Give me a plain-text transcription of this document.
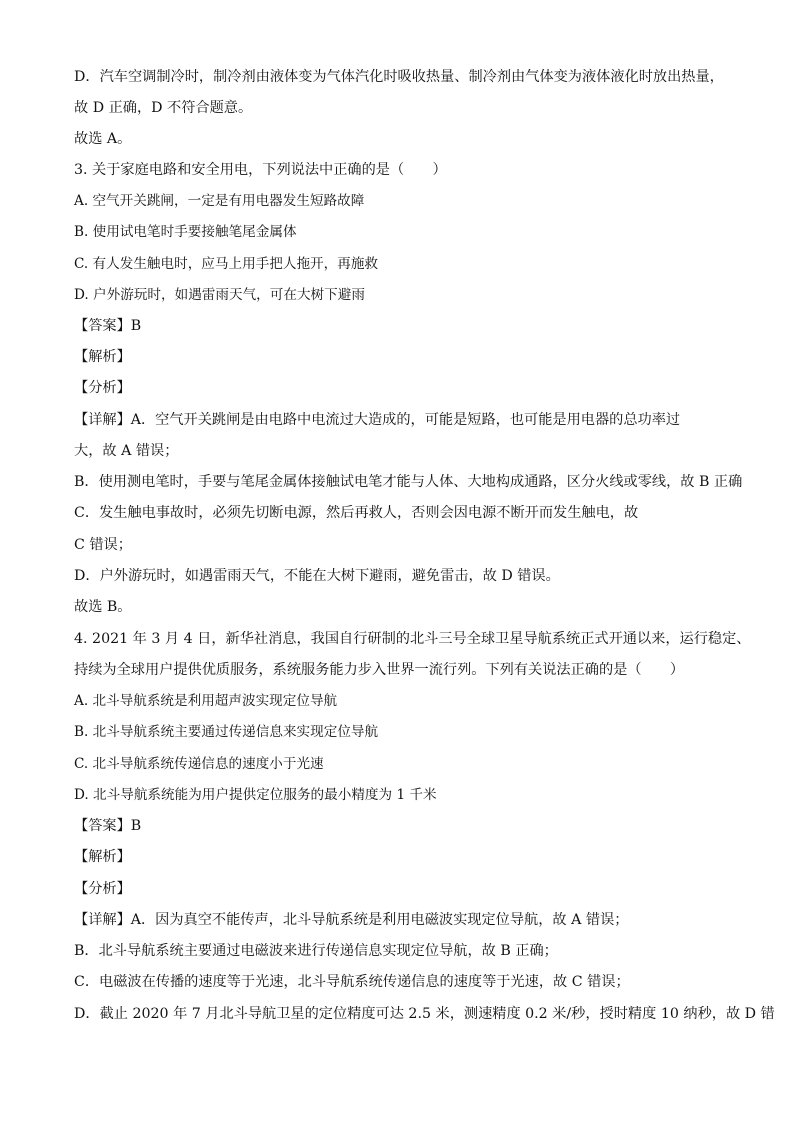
D．汽车空调制冷时，制冷剂由液体变为气体汽化时吸收热量、制冷剂由气体变为液体液化时放出热量，
故 D 正确，D 不符合题意。
故选 A。
3. 关于家庭电路和安全用电，下列说法中正确的是（　　）
A. 空气开关跳闸，一定是有用电器发生短路故障
B. 使用试电笔时手要接触笔尾金属体
C. 有人发生触电时，应马上用手把人拖开，再施救
D. 户外游玩时，如遇雷雨天气，可在大树下避雨
【答案】B
【解析】
【分析】
【详解】A．空气开关跳闸是由电路中电流过大造成的，可能是短路，也可能是用电器的总功率过
大，故 A 错误；
B．使用测电笔时，手要与笔尾金属体接触试电笔才能与人体、大地构成通路，区分火线或零线，故 B 正确
C．发生触电事故时，必须先切断电源，然后再救人，否则会因电源不断开而发生触电，故
C 错误；
D．户外游玩时，如遇雷雨天气，不能在大树下避雨，避免雷击，故 D 错误。
故选 B。
4. 2021 年 3 月 4 日，新华社消息，我国自行研制的北斗三号全球卫星导航系统正式开通以来，运行稳定、
持续为全球用户提供优质服务，系统服务能力步入世界一流行列。下列有关说法正确的是（　　）
A. 北斗导航系统是利用超声波实现定位导航
B. 北斗导航系统主要通过传递信息来实现定位导航
C. 北斗导航系统传递信息的速度小于光速
D. 北斗导航系统能为用户提供定位服务的最小精度为 1 千米
【答案】B
【解析】
【分析】
【详解】A．因为真空不能传声，北斗导航系统是利用电磁波实现定位导航，故 A 错误；
B．北斗导航系统主要通过电磁波来进行传递信息实现定位导航，故 B 正确；
C．电磁波在传播的速度等于光速，北斗导航系统传递信息的速度等于光速，故 C 错误；
D．截止 2020 年 7 月北斗导航卫星的定位精度可达 2.5 米，测速精度 0.2 米/秒，授时精度 10 纳秒，故 D 错
